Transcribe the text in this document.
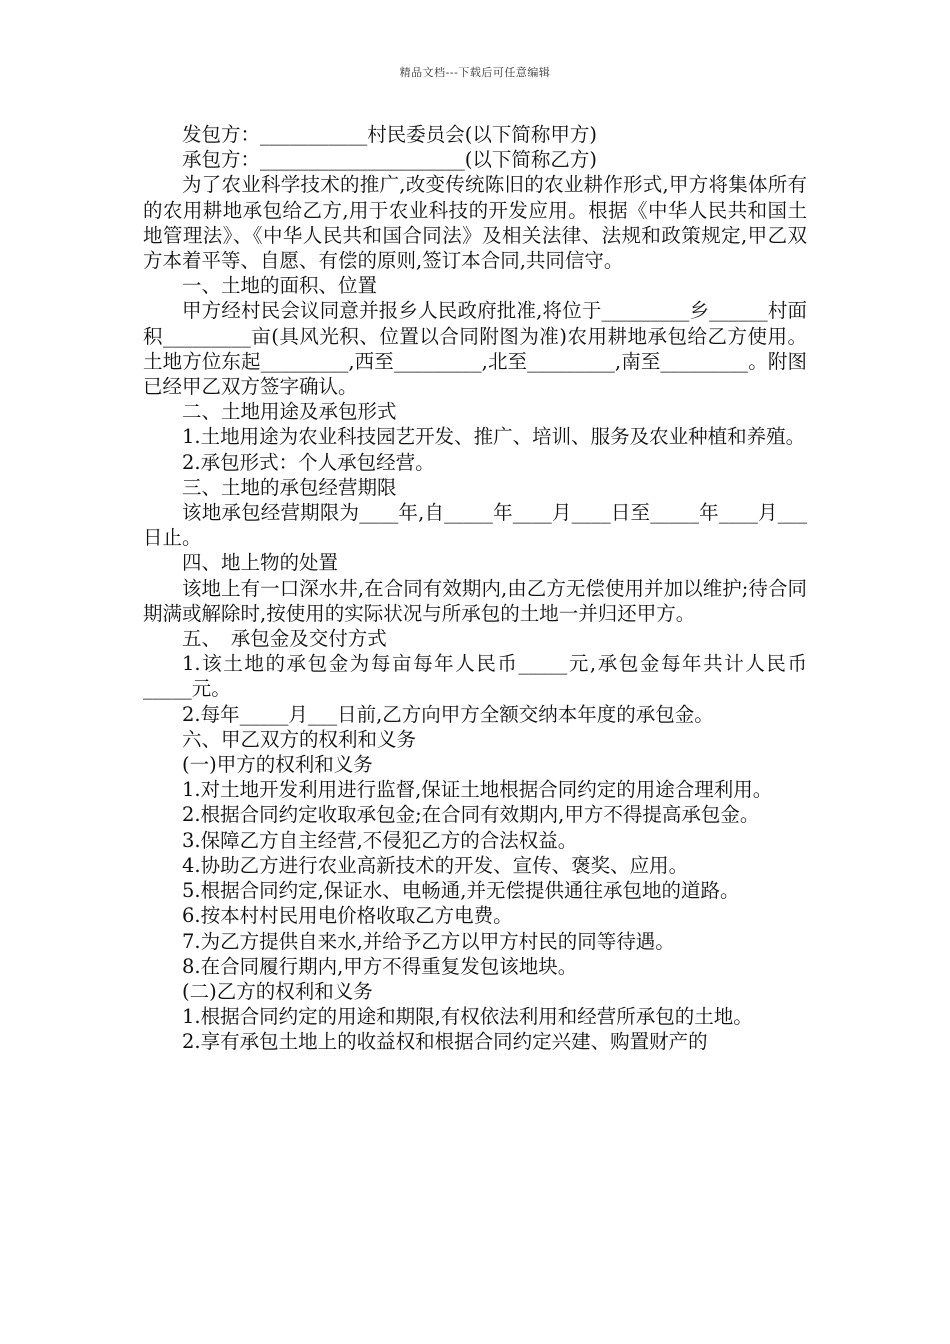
精品文档---下载后可任意编辑

发包方：___________村民委员会(以下简称甲方)

承包方：_____________________(以下简称乙方)

为了农业科学技术的推广,改变传统陈旧的农业耕作形式,甲方将集体所有的农用耕地承包给乙方,用于农业科技的开发应用。根据《中华人民共和国土地管理法》、《中华人民共和国合同法》及相关法律、法规和政策规定,甲乙双方本着平等、自愿、有偿的原则,签订本合同,共同信守。

一、土地的面积、位置

甲方经村民会议同意并报乡人民政府批准,将位于_________乡______村面积_________亩(具风光积、位置以合同附图为准)农用耕地承包给乙方使用。土地方位东起_________,西至_________,北至_________,南至_________。附图已经甲乙双方签字确认。

二、土地用途及承包形式

1.土地用途为农业科技园艺开发、推广、培训、服务及农业种植和养殖。

2.承包形式：个人承包经营。

三、土地的承包经营期限

该地承包经营期限为____年,自_____年____月____日至_____年____月___日止。

四、地上物的处置

该地上有一口深水井,在合同有效期内,由乙方无偿使用并加以维护;待合同期满或解除时,按使用的实际状况与所承包的土地一并归还甲方。

五、　承包金及交付方式

1.该土地的承包金为每亩每年人民币_____元,承包金每年共计人民币_____元。

2.每年_____月___日前,乙方向甲方全额交纳本年度的承包金。

六、甲乙双方的权利和义务

(一)甲方的权利和义务

1.对土地开发利用进行监督,保证土地根据合同约定的用途合理利用。

2.根据合同约定收取承包金;在合同有效期内,甲方不得提高承包金。

3.保障乙方自主经营,不侵犯乙方的合法权益。

4.协助乙方进行农业高新技术的开发、宣传、褒奖、应用。

5.根据合同约定,保证水、电畅通,并无偿提供通往承包地的道路。

6.按本村村民用电价格收取乙方电费。

7.为乙方提供自来水,并给予乙方以甲方村民的同等待遇。

8.在合同履行期内,甲方不得重复发包该地块。

(二)乙方的权利和义务

1.根据合同约定的用途和期限,有权依法利用和经营所承包的土地。

2.享有承包土地上的收益权和根据合同约定兴建、购置财产的
